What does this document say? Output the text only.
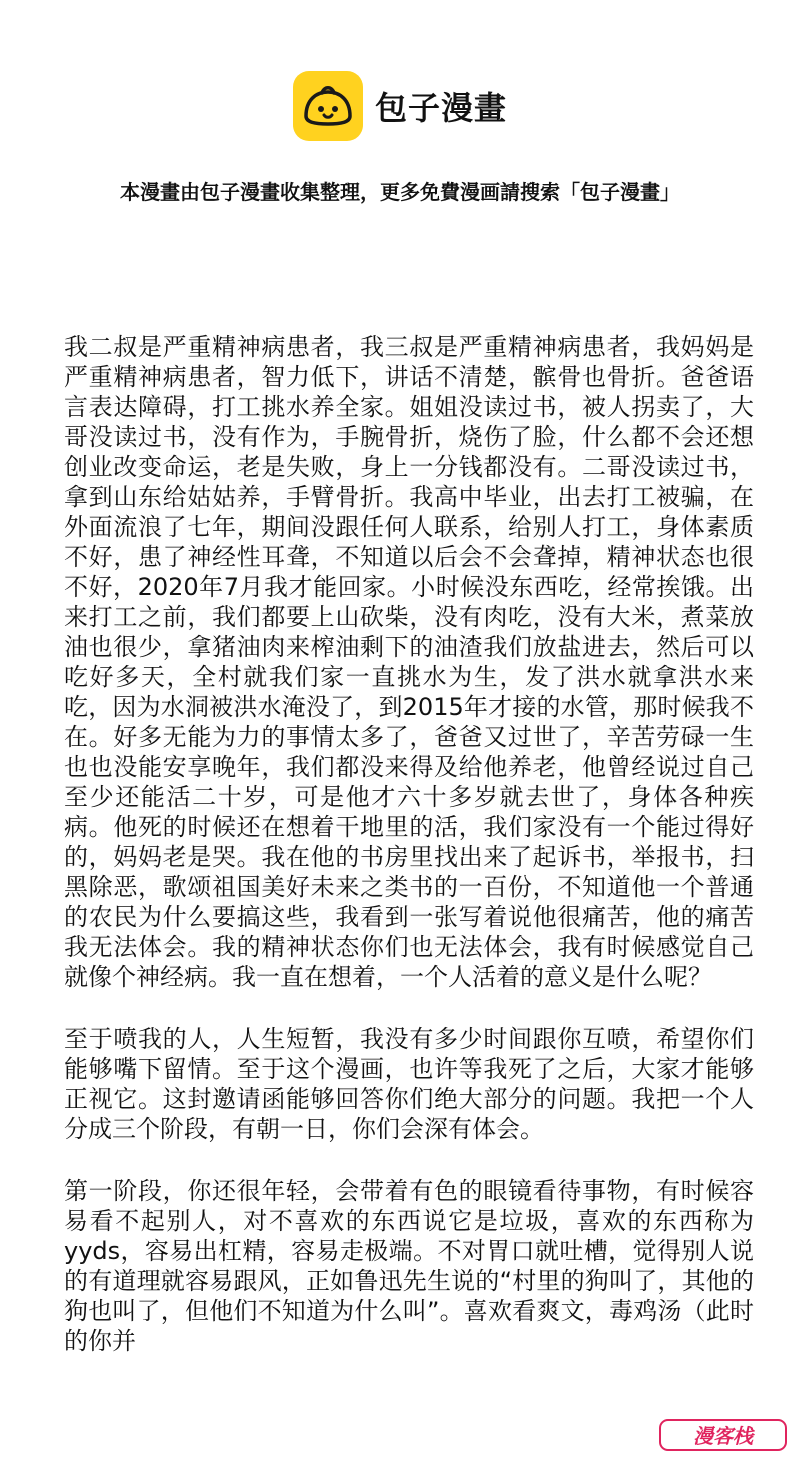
包子漫畫
本漫畫由包子漫畫收集整理，更多免費漫画請搜索「包子漫畫」

我二叔是严重精神病患者，我三叔是严重精神病患者，我妈妈是严重精神病患者，智力低下，讲话不清楚，髌骨也骨折。爸爸语言表达障碍，打工挑水养全家。姐姐没读过书，被人拐卖了，大哥没读过书，没有作为，手腕骨折，烧伤了脸，什么都不会还想创业改变命运，老是失败，身上一分钱都没有。二哥没读过书，拿到山东给姑姑养，手臂骨折。我高中毕业，出去打工被骗，在外面流浪了七年，期间没跟任何人联系，给别人打工，身体素质不好，患了神经性耳聋，不知道以后会不会聋掉，精神状态也很不好，2020年7月我才能回家。小时候没东西吃，经常挨饿。出来打工之前，我们都要上山砍柴，没有肉吃，没有大米，煮菜放油也很少，拿猪油肉来榨油剩下的油渣我们放盐进去，然后可以吃好多天，全村就我们家一直挑水为生，发了洪水就拿洪水来吃，因为水洞被洪水淹没了，到2015年才接的水管，那时候我不在。好多无能为力的事情太多了，爸爸又过世了，辛苦劳碌一生也也没能安享晚年，我们都没来得及给他养老，他曾经说过自己至少还能活二十岁，可是他才六十多岁就去世了，身体各种疾病。他死的时候还在想着干地里的活，我们家没有一个能过得好的，妈妈老是哭。我在他的书房里找出来了起诉书，举报书，扫黑除恶，歌颂祖国美好未来之类书的一百份，不知道他一个普通的农民为什么要搞这些，我看到一张写着说他很痛苦，他的痛苦我无法体会。我的精神状态你们也无法体会，我有时候感觉自己就像个神经病。我一直在想着，一个人活着的意义是什么呢？

至于喷我的人，人生短暂，我没有多少时间跟你互喷，希望你们能够嘴下留情。至于这个漫画，也许等我死了之后，大家才能够正视它。这封邀请函能够回答你们绝大部分的问题。我把一个人分成三个阶段，有朝一日，你们会深有体会。

第一阶段，你还很年轻，会带着有色的眼镜看待事物，有时候容易看不起别人，对不喜欢的东西说它是垃圾，喜欢的东西称为yyds，容易出杠精，容易走极端。不对胃口就吐槽，觉得别人说的有道理就容易跟风，正如鲁迅先生说的“村里的狗叫了，其他的狗也叫了，但他们不知道为什么叫”。喜欢看爽文，毒鸡汤（此时的你并

漫客栈
